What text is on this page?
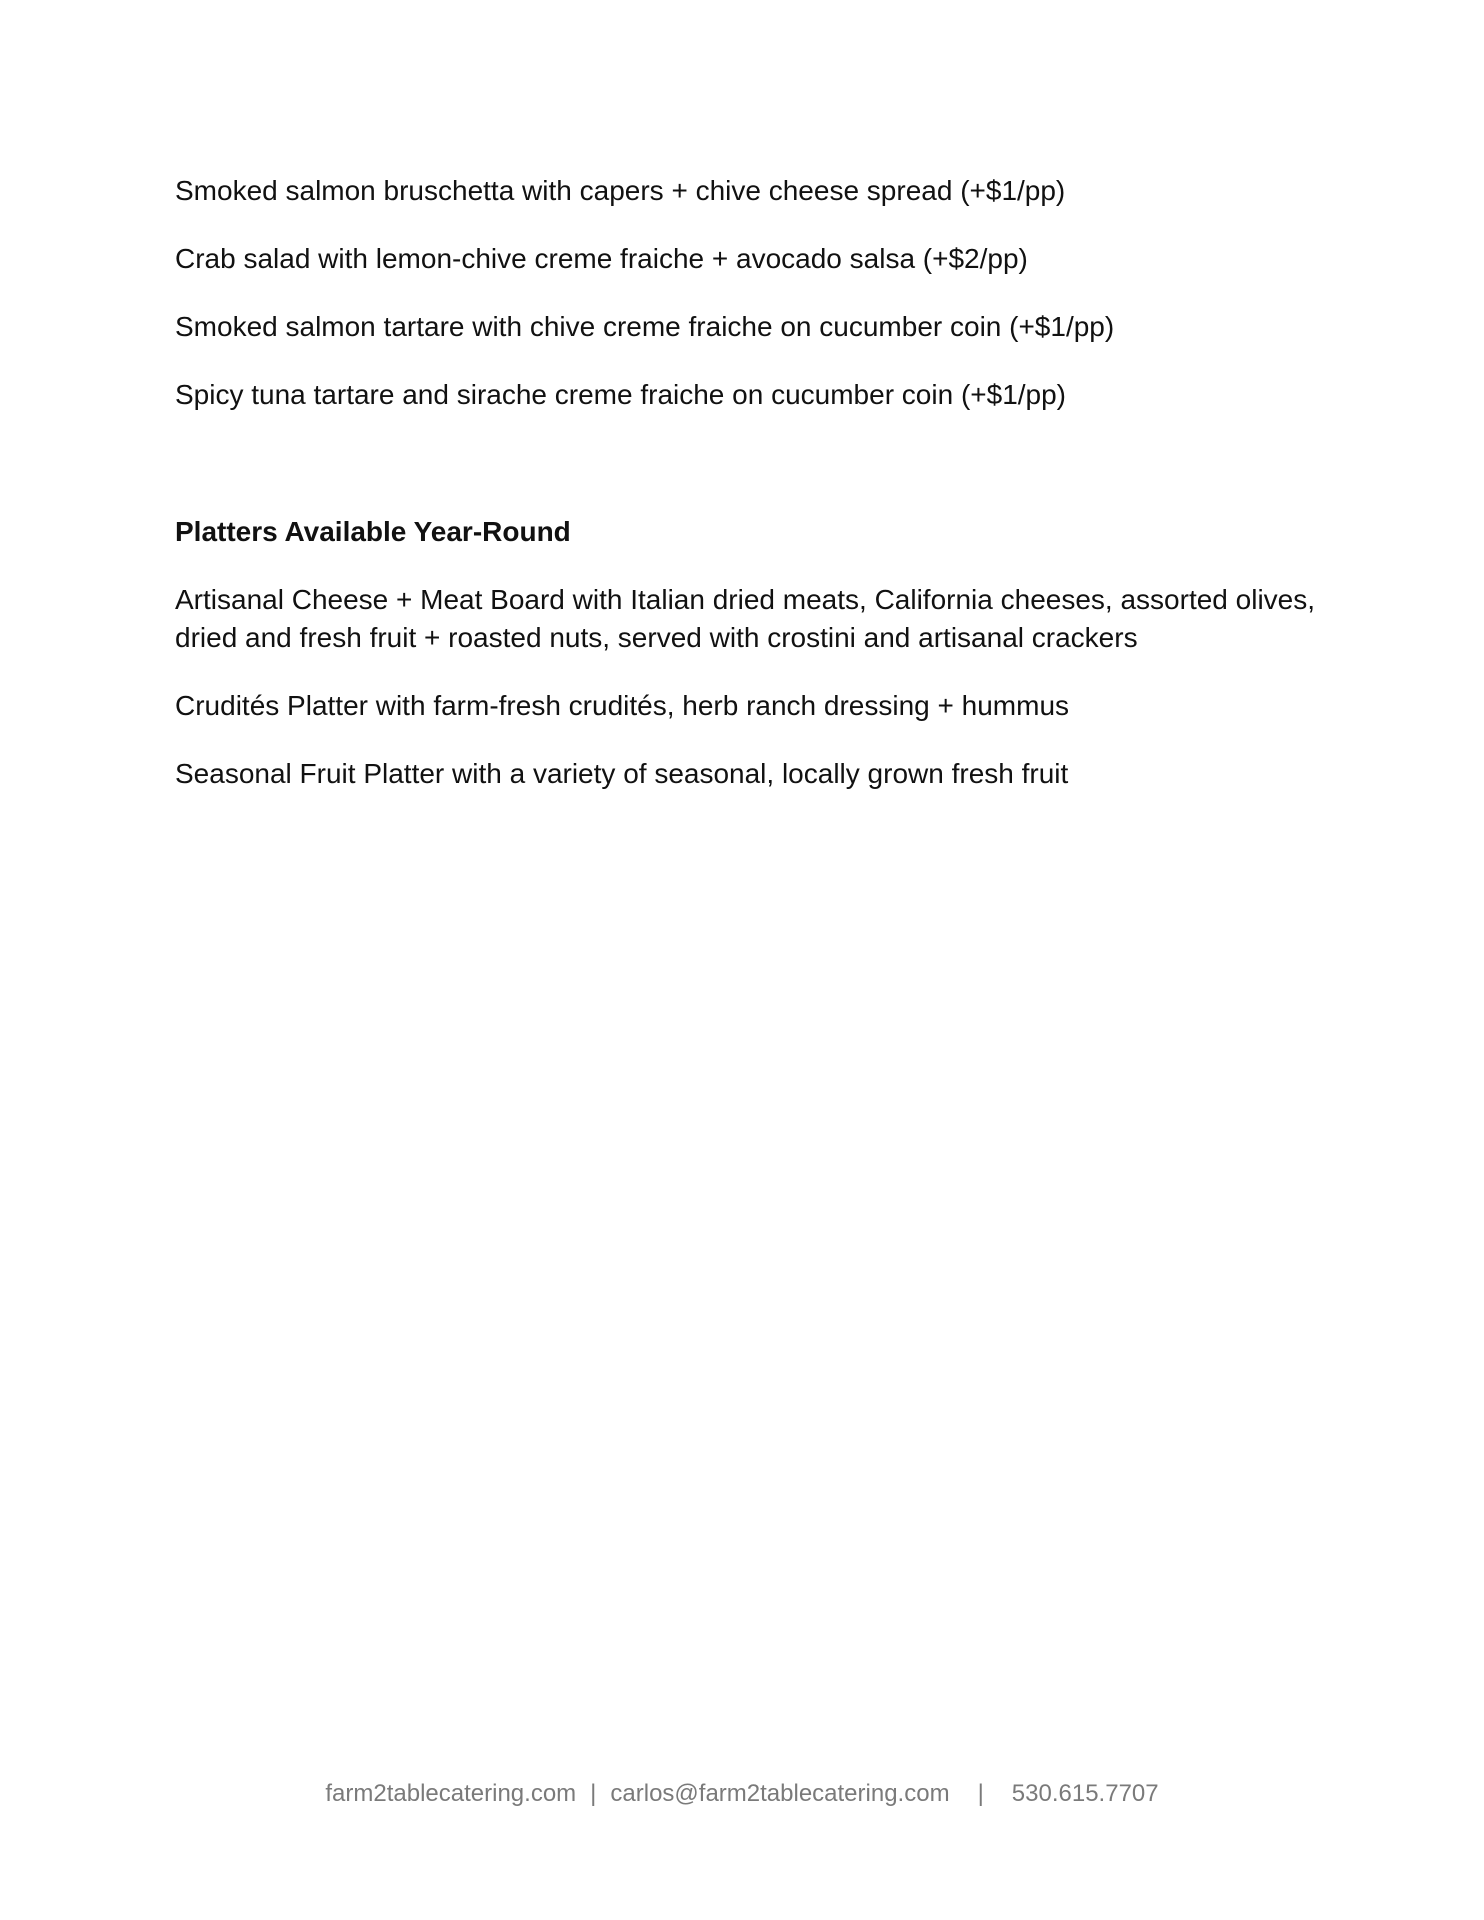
Smoked salmon bruschetta with capers + chive cheese spread (+$1/pp)

Crab salad with lemon-chive creme fraiche + avocado salsa (+$2/pp)

Smoked salmon tartare with chive creme fraiche on cucumber coin (+$1/pp)

Spicy tuna tartare and sirache creme fraiche on cucumber coin (+$1/pp)

Platters Available Year-Round

Artisanal Cheese + Meat Board with Italian dried meats, California cheeses, assorted olives, dried and fresh fruit + roasted nuts, served with crostini and artisanal crackers

Crudités Platter with farm-fresh crudités, herb ranch dressing + hummus

Seasonal Fruit Platter with a variety of seasonal, locally grown fresh fruit

farm2tablecatering.com | carlos@farm2tablecatering.com | 530.615.7707
